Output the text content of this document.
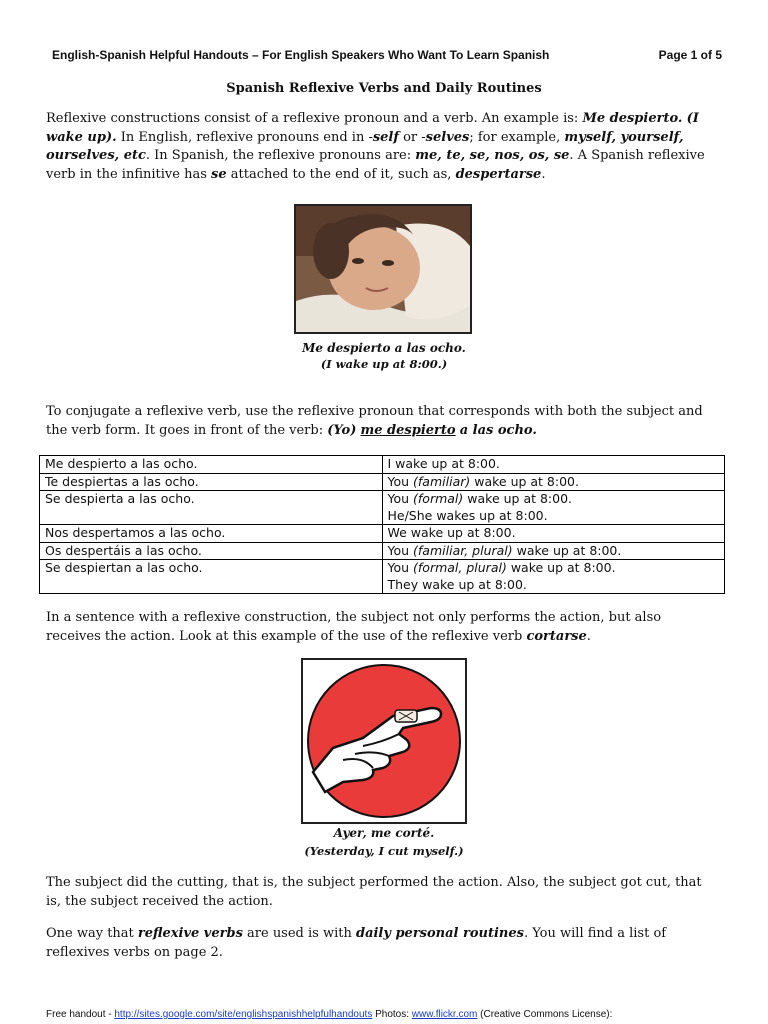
English-Spanish Helpful Handouts – For English Speakers Who Want To Learn Spanish	Page 1 of 5
Spanish Reflexive Verbs and Daily Routines
Reflexive constructions consist of a reflexive pronoun and a verb. An example is: Me despierto. (I wake up). In English, reflexive pronouns end in -self or -selves; for example, myself, yourself, ourselves, etc. In Spanish, the reflexive pronouns are: me, te, se, nos, os, se. A Spanish reflexive verb in the infinitive has se attached to the end of it, such as, despertarse.
Me despierto a las ocho.
(I wake up at 8:00.)
To conjugate a reflexive verb, use the reflexive pronoun that corresponds with both the subject and the verb form. It goes in front of the verb: (Yo) me despierto a las ocho.
Me despierto a las ocho.	I wake up at 8:00.

Te despiertas a las ocho.	You (familiar) wake up at 8:00.

Se despierta a las ocho.	You (formal) wake up at 8:00.
He/She wakes up at 8:00.

Nos despertamos a las ocho.	We wake up at 8:00.

Os despertáis a las ocho.	You (familiar, plural) wake up at 8:00.

Se despiertan a las ocho.	You (formal, plural) wake up at 8:00.
They wake up at 8:00.
In a sentence with a reflexive construction, the subject not only performs the action, but also receives the action. Look at this example of the use of the reflexive verb cortarse.
Ayer, me corté.
(Yesterday, I cut myself.)
The subject did the cutting, that is, the subject performed the action. Also, the subject got cut, that is, the subject received the action.
One way that reflexive verbs are used is with daily personal routines. You will find a list of reflexives verbs on page 2.
Free handout - http://sites.google.com/site/englishspanishhelpfulhandouts Photos: www.flickr.com (Creative Commons License):
